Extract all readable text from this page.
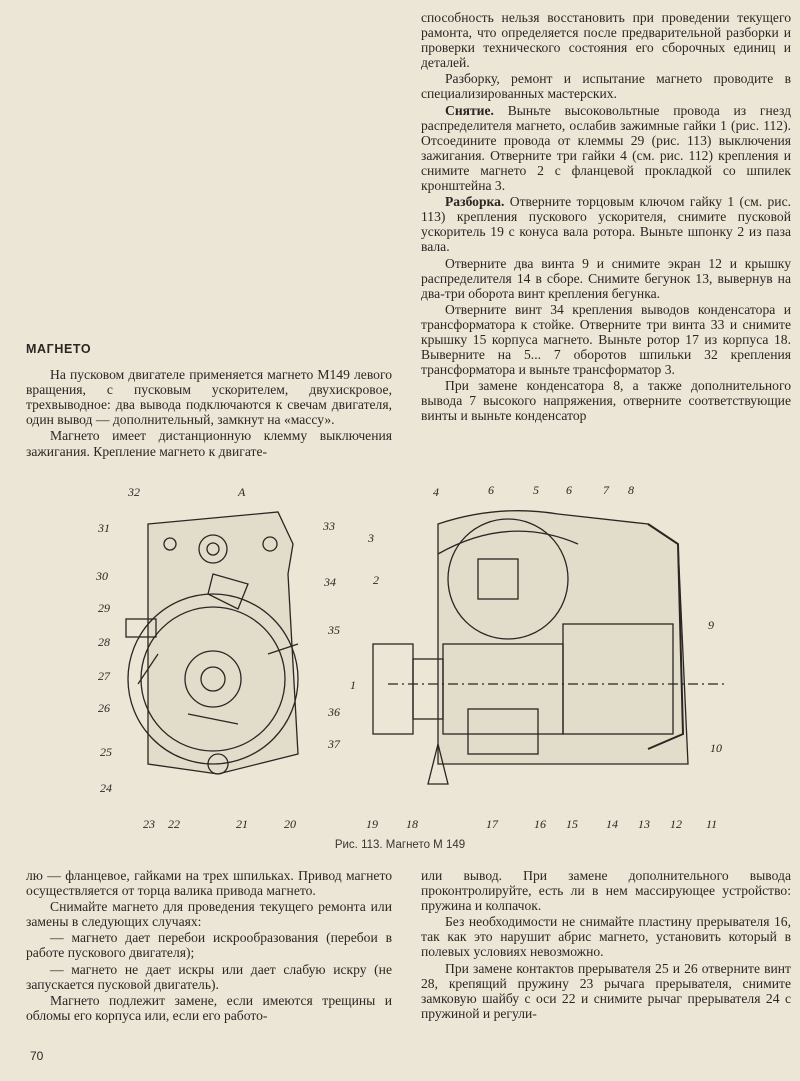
способность нельзя восстановить при проведении текущего рамонта, что определяется после предварительной разборки и проверки технического состояния его сборочных единиц и деталей.

Разборку, ремонт и испытание магнето проводите в специализированных мастерских.

Снятие. Выньте высоковольтные провода из гнезд распределителя магнето, ослабив зажимные гайки 1 (рис. 112). Отсоедините провода от клеммы 29 (рис. 113) выключения зажигания. Отверните три гайки 4 (см. рис. 112) крепления и снимите магнето 2 с фланцевой прокладкой со шпилек кронштейна 3.

Разборка. Отверните торцовым ключом гайку 1 (см. рис. 113) крепления пускового ускорителя, снимите пусковой ускоритель 19 с конуса вала ротора. Выньте шпонку 2 из паза вала.

Отверните два винта 9 и снимите экран 12 и крышку распределителя 14 в сборе. Снимите бегунок 13, вывернув на два-три оборота винт крепления бегунка.

Отверните винт 34 крепления выводов конденсатора и трансформатора к стойке. Отверните три винта 33 и снимите крышку 15 корпуса магнето. Выньте ротор 17 из корпуса 18. Выверните на 5... 7 оборотов шпильки 32 крепления трансформатора и выньте трансформатор 3.

При замене конденсатора 8, а также дополнительного вывода 7 высокого напряжения, отверните соответствующие винты и выньте конденсатор

МАГНЕТО

На пусковом двигателе применяется магнето М149 левого вращения, с пусковым ускорителем, двухискровое, трехвыводное: два вывода подключаются к свечам двигателя, один вывод — дополнительный, замкнут на «массу».

Магнето имеет дистанционную клемму выключения зажигания. Крепление магнето к двигате-

32	А
31	33
30	34
29
28
35
27
26	36
25
37
24
23 22	21	20
4	6	5 6	7 8
3
2
9
1
10
19 18	17	16 15 14 13 12 11
Рис. 113. Магнето М 149

лю — фланцевое, гайками на трех шпильках. Привод магнето осуществляется от торца валика привода магнето.

Снимайте магнето для проведения текущего ремонта или замены в следующих случаях:

— магнето дает перебои искрообразования (перебои в работе пускового двигателя);

— магнето не дает искры или дает слабую искру (не запускается пусковой двигатель).

Магнето подлежит замене, если имеются трещины и обломы его корпуса или, если его работо-

или вывод. При замене дополнительного вывода проконтролируйте, есть ли в нем массирующее устройство: пружина и колпачок.

Без необходимости не снимайте пластину прерывателя 16, так как это нарушит абрис магнето, установить который в полевых условиях невозможно.

При замене контактов прерывателя 25 и 26 отверните винт 28, крепящий пружину 23 рычага прерывателя, снимите замковую шайбу с оси 22 и снимите рычаг прерывателя 24 с пружиной и регули-

70
